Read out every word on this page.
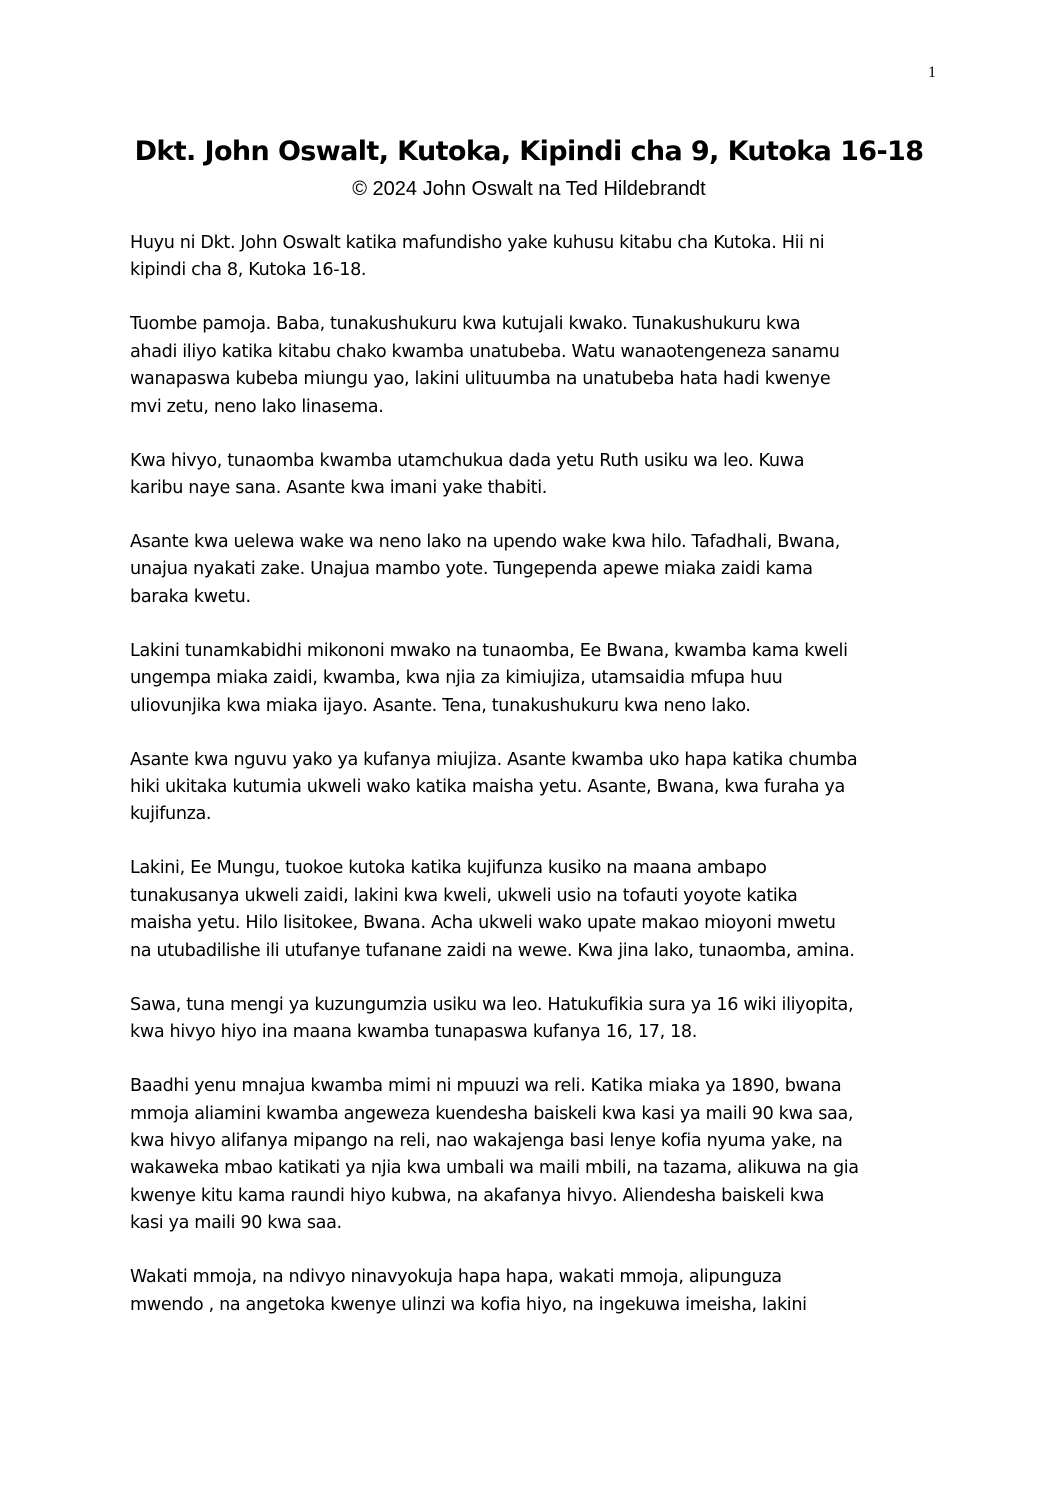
1
Dkt. John Oswalt, Kutoka, Kipindi cha 9, Kutoka 16-18
© 2024 John Oswalt na Ted Hildebrandt

Huyu ni Dkt. John Oswalt katika mafundisho yake kuhusu kitabu cha Kutoka. Hii ni
kipindi cha 8, Kutoka 16-18.

Tuombe pamoja. Baba, tunakushukuru kwa kutujali kwako. Tunakushukuru kwa
ahadi iliyo katika kitabu chako kwamba unatubeba. Watu wanaotengeneza sanamu
wanapaswa kubeba miungu yao, lakini ulituumba na unatubeba hata hadi kwenye
mvi zetu, neno lako linasema.

Kwa hivyo, tunaomba kwamba utamchukua dada yetu Ruth usiku wa leo. Kuwa
karibu naye sana. Asante kwa imani yake thabiti.

Asante kwa uelewa wake wa neno lako na upendo wake kwa hilo. Tafadhali, Bwana,
unajua nyakati zake. Unajua mambo yote. Tungependa apewe miaka zaidi kama
baraka kwetu.

Lakini tunamkabidhi mikononi mwako na tunaomba, Ee Bwana, kwamba kama kweli
ungempa miaka zaidi, kwamba, kwa njia za kimiujiza, utamsaidia mfupa huu
uliovunjika kwa miaka ijayo. Asante. Tena, tunakushukuru kwa neno lako.

Asante kwa nguvu yako ya kufanya miujiza. Asante kwamba uko hapa katika chumba
hiki ukitaka kutumia ukweli wako katika maisha yetu. Asante, Bwana, kwa furaha ya
kujifunza.

Lakini, Ee Mungu, tuokoe kutoka katika kujifunza kusiko na maana ambapo
tunakusanya ukweli zaidi, lakini kwa kweli, ukweli usio na tofauti yoyote katika
maisha yetu. Hilo lisitokee, Bwana. Acha ukweli wako upate makao mioyoni mwetu
na utubadilishe ili utufanye tufanane zaidi na wewe. Kwa jina lako, tunaomba, amina.

Sawa, tuna mengi ya kuzungumzia usiku wa leo. Hatukufikia sura ya 16 wiki iliyopita,
kwa hivyo hiyo ina maana kwamba tunapaswa kufanya 16, 17, 18.

Baadhi yenu mnajua kwamba mimi ni mpuuzi wa reli. Katika miaka ya 1890, bwana
mmoja aliamini kwamba angeweza kuendesha baiskeli kwa kasi ya maili 90 kwa saa,
kwa hivyo alifanya mipango na reli, nao wakajenga basi lenye kofia nyuma yake, na
wakaweka mbao katikati ya njia kwa umbali wa maili mbili, na tazama, alikuwa na gia
kwenye kitu kama raundi hiyo kubwa, na akafanya hivyo. Aliendesha baiskeli kwa
kasi ya maili 90 kwa saa.

Wakati mmoja, na ndivyo ninavyokuja hapa hapa, wakati mmoja, alipunguza
mwendo , na angetoka kwenye ulinzi wa kofia hiyo, na ingekuwa imeisha, lakini
